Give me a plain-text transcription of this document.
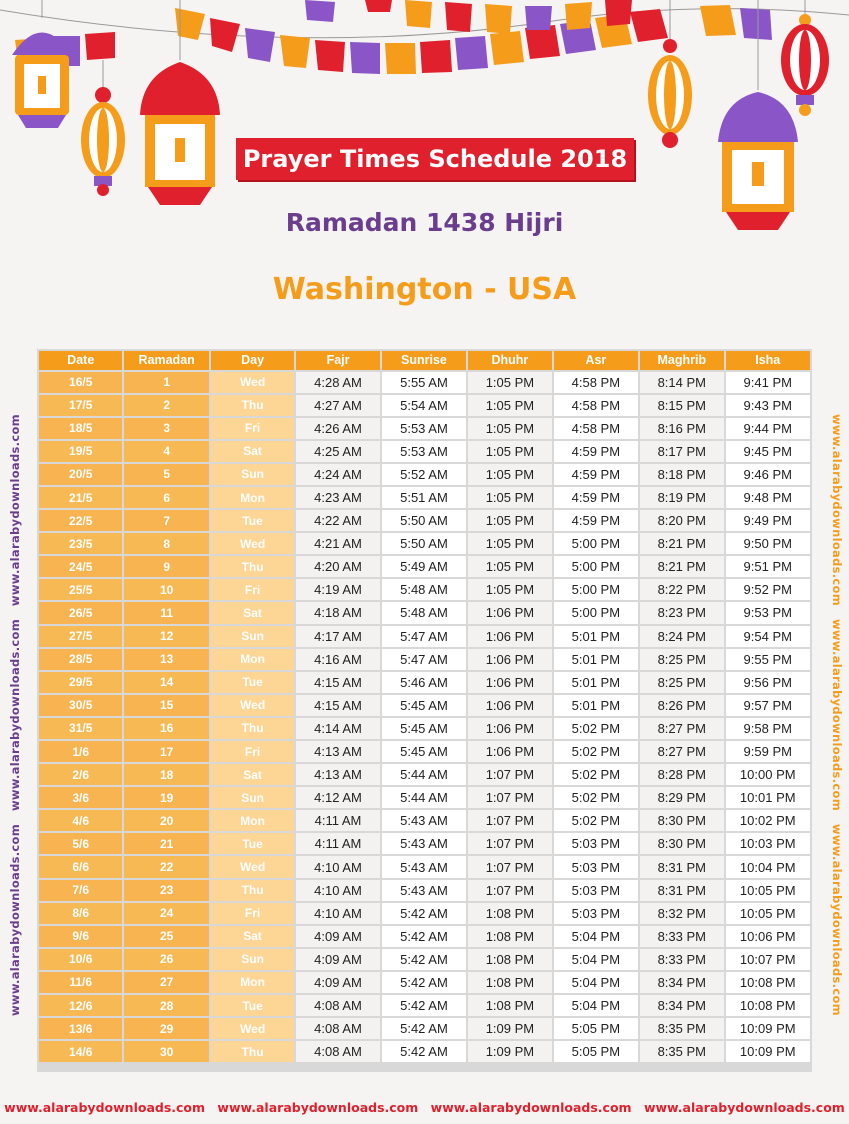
Prayer Times Schedule 2018
Ramadan 1438 Hijri
Washington - USA
www.alarabydownloads.com   www.alarabydownloads.com   www.alarabydownloads.com	www.alarabydownloads.com   www.alarabydownloads.com   www.alarabydownloads.com
Date	Ramadan	Day	Fajr	Sunrise	Dhuhr	Asr	Maghrib	Isha
16/5	1	Wed	4:28 AM	5:55 AM	1:05 PM	4:58 PM	8:14 PM	9:41 PM
17/5	2	Thu	4:27 AM	5:54 AM	1:05 PM	4:58 PM	8:15 PM	9:43 PM
18/5	3	Fri	4:26 AM	5:53 AM	1:05 PM	4:58 PM	8:16 PM	9:44 PM
19/5	4	Sat	4:25 AM	5:53 AM	1:05 PM	4:59 PM	8:17 PM	9:45 PM
20/5	5	Sun	4:24 AM	5:52 AM	1:05 PM	4:59 PM	8:18 PM	9:46 PM
21/5	6	Mon	4:23 AM	5:51 AM	1:05 PM	4:59 PM	8:19 PM	9:48 PM
22/5	7	Tue	4:22 AM	5:50 AM	1:05 PM	4:59 PM	8:20 PM	9:49 PM
23/5	8	Wed	4:21 AM	5:50 AM	1:05 PM	5:00 PM	8:21 PM	9:50 PM
24/5	9	Thu	4:20 AM	5:49 AM	1:05 PM	5:00 PM	8:21 PM	9:51 PM
25/5	10	Fri	4:19 AM	5:48 AM	1:05 PM	5:00 PM	8:22 PM	9:52 PM
26/5	11	Sat	4:18 AM	5:48 AM	1:06 PM	5:00 PM	8:23 PM	9:53 PM
27/5	12	Sun	4:17 AM	5:47 AM	1:06 PM	5:01 PM	8:24 PM	9:54 PM
28/5	13	Mon	4:16 AM	5:47 AM	1:06 PM	5:01 PM	8:25 PM	9:55 PM
29/5	14	Tue	4:15 AM	5:46 AM	1:06 PM	5:01 PM	8:25 PM	9:56 PM
30/5	15	Wed	4:15 AM	5:45 AM	1:06 PM	5:01 PM	8:26 PM	9:57 PM
31/5	16	Thu	4:14 AM	5:45 AM	1:06 PM	5:02 PM	8:27 PM	9:58 PM
1/6	17	Fri	4:13 AM	5:45 AM	1:06 PM	5:02 PM	8:27 PM	9:59 PM
2/6	18	Sat	4:13 AM	5:44 AM	1:07 PM	5:02 PM	8:28 PM	10:00 PM
3/6	19	Sun	4:12 AM	5:44 AM	1:07 PM	5:02 PM	8:29 PM	10:01 PM
4/6	20	Mon	4:11 AM	5:43 AM	1:07 PM	5:02 PM	8:30 PM	10:02 PM
5/6	21	Tue	4:11 AM	5:43 AM	1:07 PM	5:03 PM	8:30 PM	10:03 PM
6/6	22	Wed	4:10 AM	5:43 AM	1:07 PM	5:03 PM	8:31 PM	10:04 PM
7/6	23	Thu	4:10 AM	5:43 AM	1:07 PM	5:03 PM	8:31 PM	10:05 PM
8/6	24	Fri	4:10 AM	5:42 AM	1:08 PM	5:03 PM	8:32 PM	10:05 PM
9/6	25	Sat	4:09 AM	5:42 AM	1:08 PM	5:04 PM	8:33 PM	10:06 PM
10/6	26	Sun	4:09 AM	5:42 AM	1:08 PM	5:04 PM	8:33 PM	10:07 PM
11/6	27	Mon	4:09 AM	5:42 AM	1:08 PM	5:04 PM	8:34 PM	10:08 PM
12/6	28	Tue	4:08 AM	5:42 AM	1:08 PM	5:04 PM	8:34 PM	10:08 PM
13/6	29	Wed	4:08 AM	5:42 AM	1:09 PM	5:05 PM	8:35 PM	10:09 PM
14/6	30	Thu	4:08 AM	5:42 AM	1:09 PM	5:05 PM	8:35 PM	10:09 PM
www.alarabydownloads.com www.alarabydownloads.com www.alarabydownloads.com www.alarabydownloads.com
